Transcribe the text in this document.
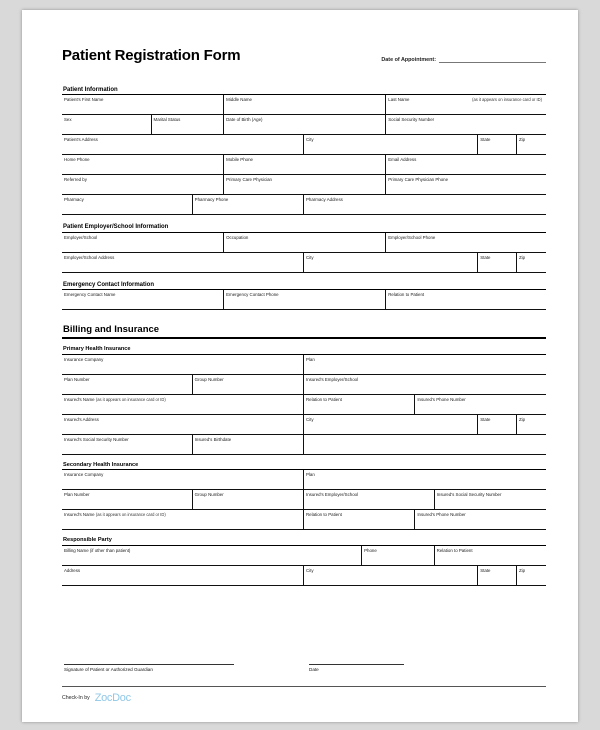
Patient Registration Form	Date of Appointment:
Patient Information
Patient's First Name	Middle Name	Last Name	(as it appears on insurance card or ID)
Sex	Marital Status	Date of Birth (Age)	Social Security Number
Patient's Address	City	State	Zip
Home Phone	Mobile Phone	Email Address
Referred by	Primary Care Physician	Primary Care Physician Phone
Pharmacy	Pharmacy Phone	Pharmacy Address
Patient Employer/School Information
Employer/School	Occupation	Employer/School Phone
Employer/School Address	City	State	Zip
Emergency Contact Information
Emergency Contact Name	Emergency Contact Phone	Relation to Patient
Billing and Insurance
Primary Health Insurance
Insurance Company	Plan
Plan Number	Group Number	Insured's Employer/School
Insured's Name (as it appears on insurance card or ID)	Relation to Patient	Insured's Phone Number
Insured's Address	City	State	Zip
Insured's Social Security Number	Insured's Birthdate
Secondary Health Insurance
Insurance Company	Plan
Plan Number	Group Number	Insured's Employer/School	Insured's Social Security Number
Insured's Name (as it appears on insurance card or ID)	Relation to Patient	Insured's Phone Number
Responsible Party
Billing Name (if other than patient)	Phone	Relation to Patient
Address	City	State	Zip
Signature of Patient or Authorized Guardian	Date
Check-In by ZocDoc
